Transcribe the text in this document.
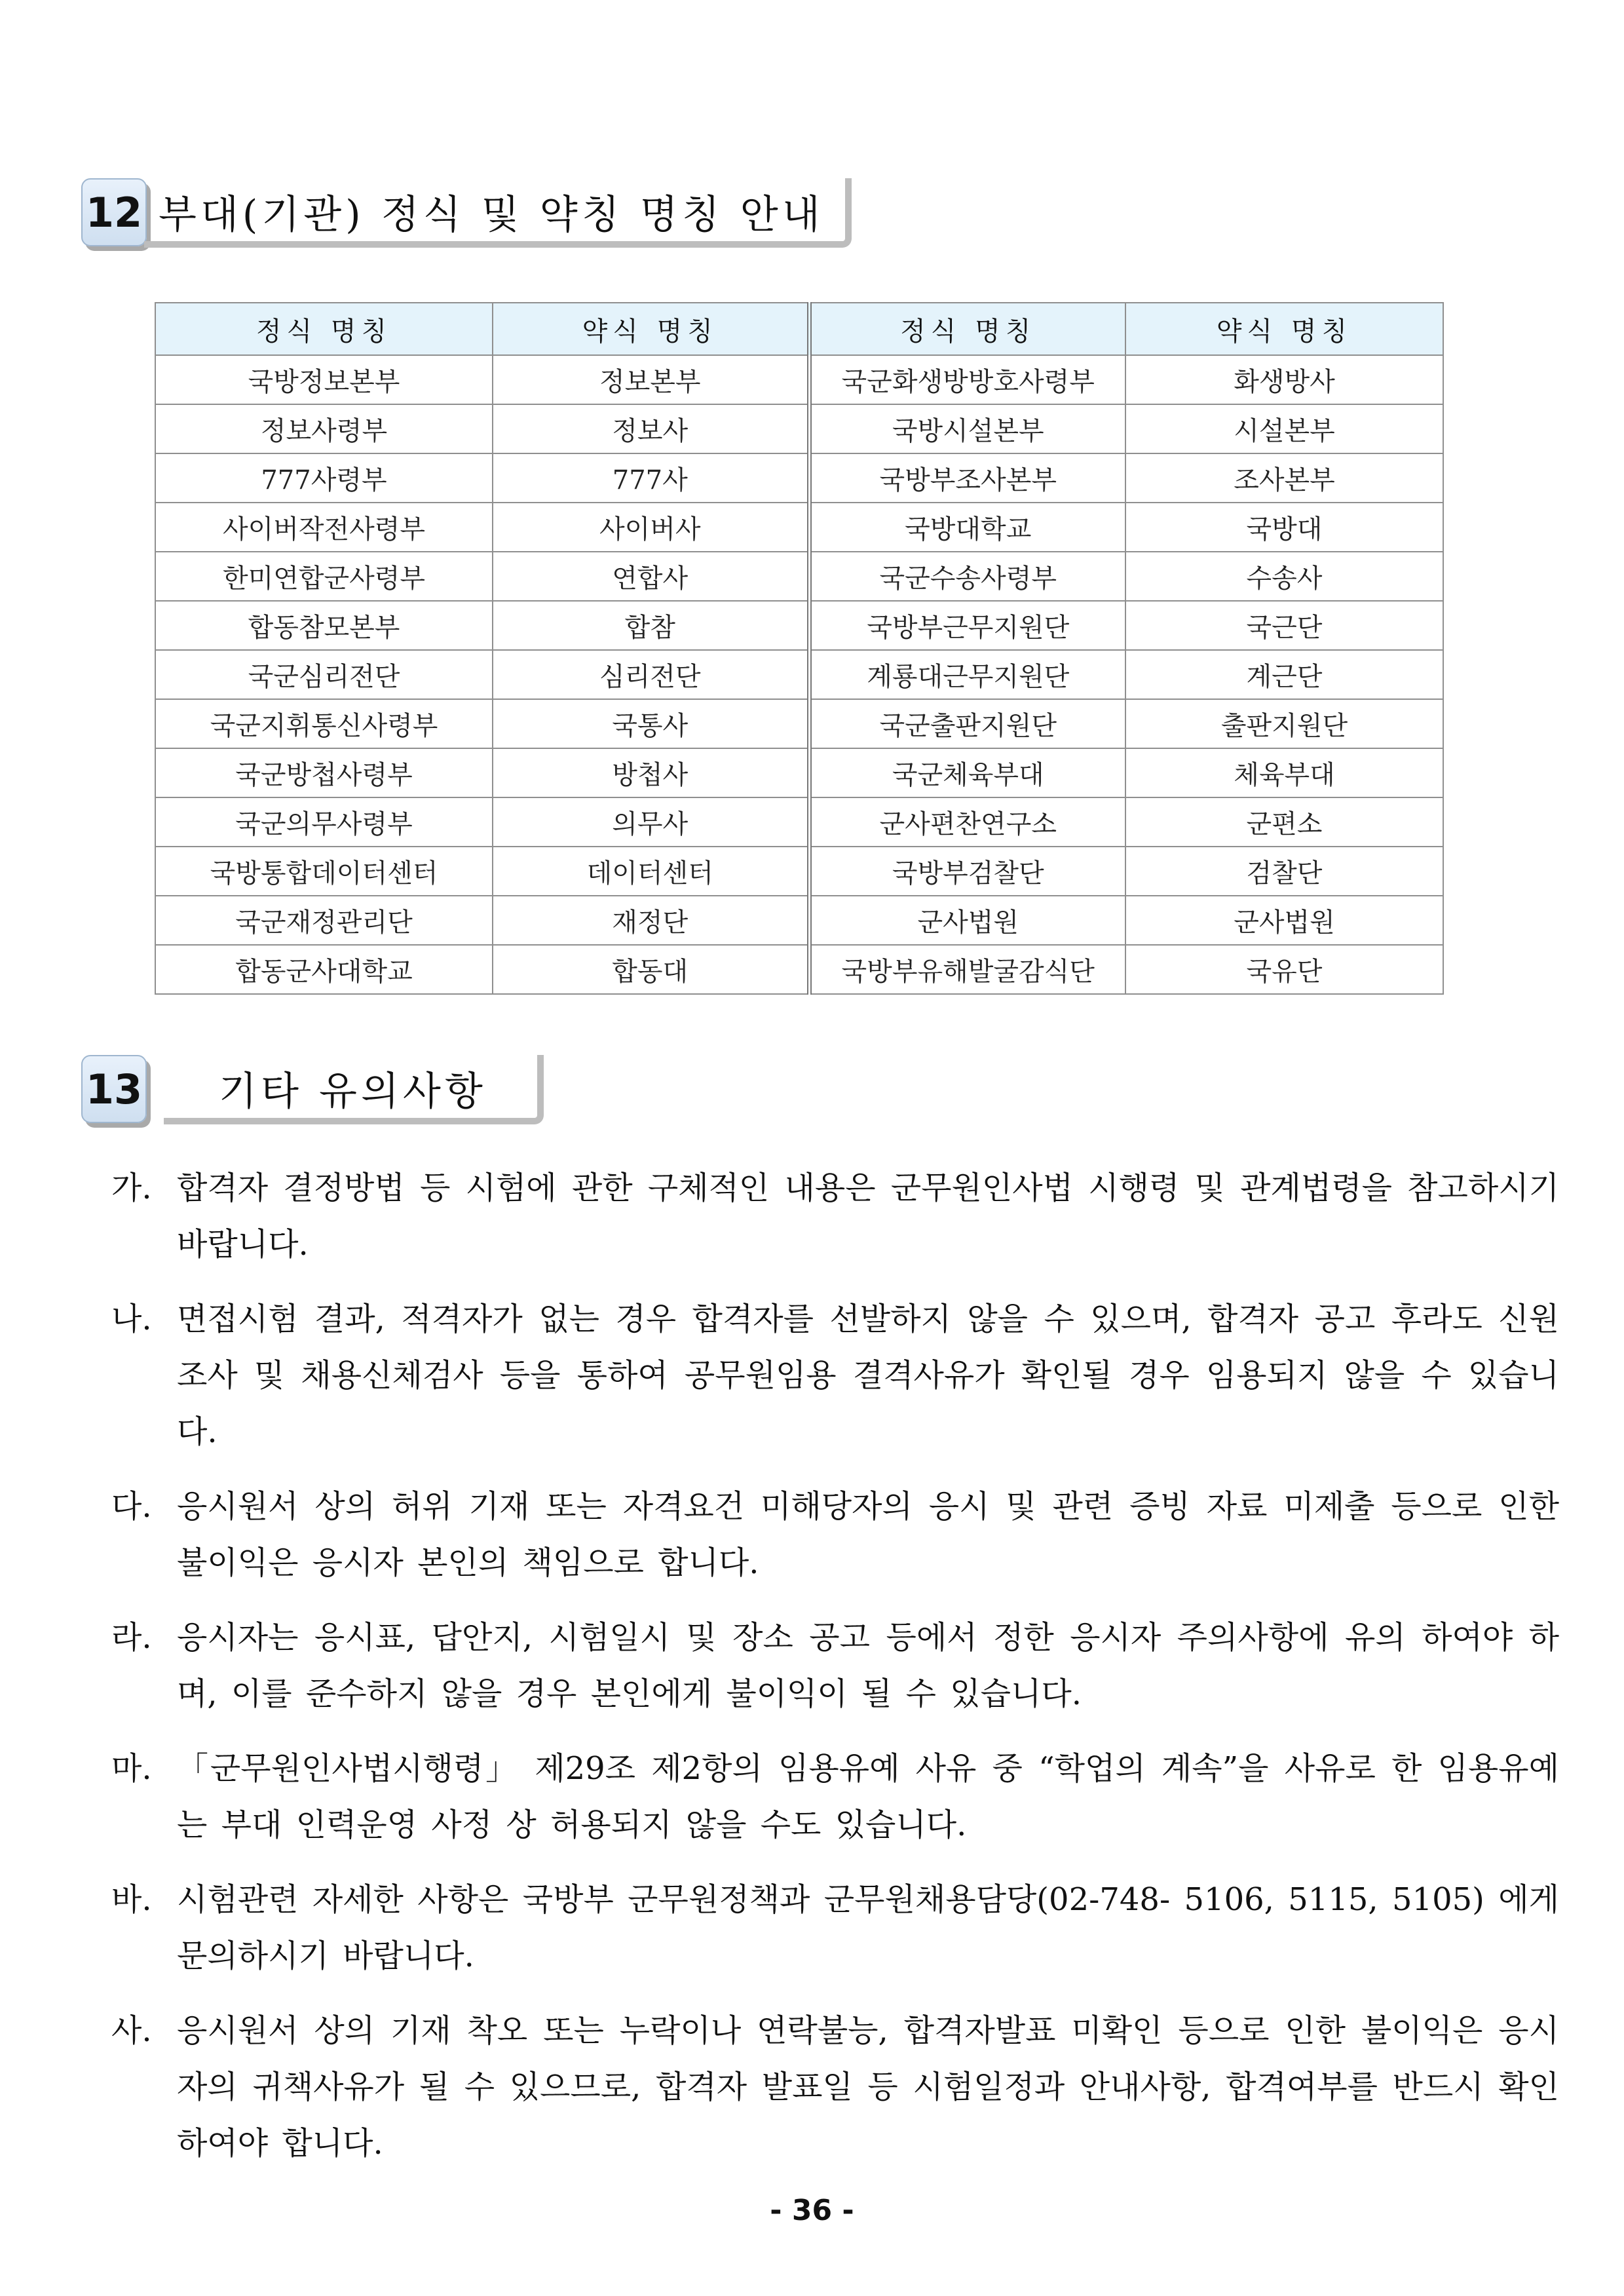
12 부대(기관) 정식 및 약칭 명칭 안내
정식 명칭	약식 명칭	정식 명칭	약식 명칭
국방정보본부	정보본부	국군화생방방호사령부	화생방사
정보사령부	정보사	국방시설본부	시설본부
777사령부	777사	국방부조사본부	조사본부
사이버작전사령부	사이버사	국방대학교	국방대
한미연합군사령부	연합사	국군수송사령부	수송사
합동참모본부	합참	국방부근무지원단	국근단
국군심리전단	심리전단	계룡대근무지원단	계근단
국군지휘통신사령부	국통사	국군출판지원단	출판지원단
국군방첩사령부	방첩사	국군체육부대	체육부대
국군의무사령부	의무사	군사편찬연구소	군편소
국방통합데이터센터	데이터센터	국방부검찰단	검찰단
국군재정관리단	재정단	군사법원	군사법원
합동군사대학교	합동대	국방부유해발굴감식단	국유단
13 기타 유의사항
가. 합격자 결정방법 등 시험에 관한 구체적인 내용은 군무원인사법 시행령 및 관계법령을 참고하시기 바랍니다.
나. 면접시험 결과, 적격자가 없는 경우 합격자를 선발하지 않을 수 있으며, 합격자 공고 후라도 신원조사 및 채용신체검사 등을 통하여 공무원임용 결격사유가 확인될 경우 임용되지 않을 수 있습니다.
다. 응시원서 상의 허위 기재 또는 자격요건 미해당자의 응시 및 관련 증빙 자료 미제출 등으로 인한 불이익은 응시자 본인의 책임으로 합니다.
라. 응시자는 응시표, 답안지, 시험일시 및 장소 공고 등에서 정한 응시자 주의사항에 유의 하여야 하며, 이를 준수하지 않을 경우 본인에게 불이익이 될 수 있습니다.
마. 「군무원인사법시행령」 제29조 제2항의 임용유예 사유 중 “학업의 계속”을 사유로 한 임용유예는 부대 인력운영 사정 상 허용되지 않을 수도 있습니다.
바. 시험관련 자세한 사항은 국방부 군무원정책과 군무원채용담당(02-748- 5106, 5115, 5105) 에게 문의하시기 바랍니다.
사. 응시원서 상의 기재 착오 또는 누락이나 연락불능, 합격자발표 미확인 등으로 인한 불이익은 응시자의 귀책사유가 될 수 있으므로, 합격자 발표일 등 시험일정과 안내사항, 합격여부를 반드시 확인하여야 합니다.
- 36 -
